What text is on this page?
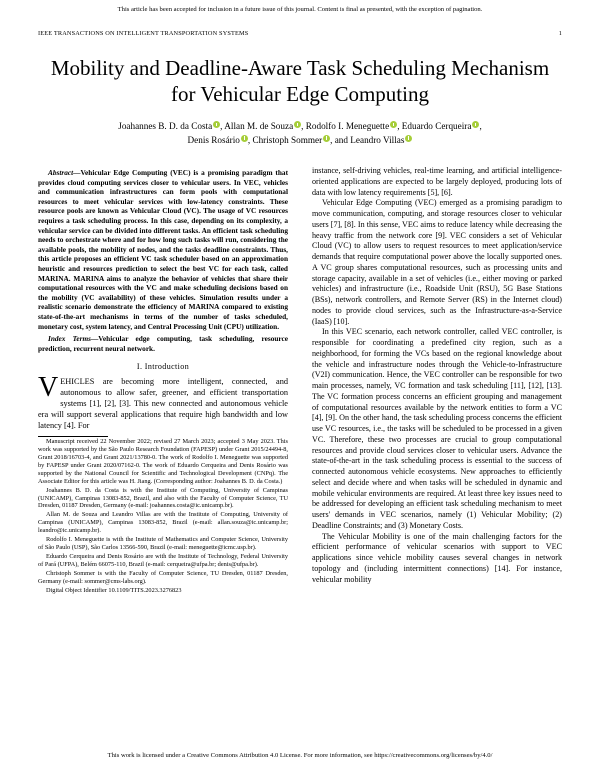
This article has been accepted for inclusion in a future issue of this journal. Content is final as presented, with the exception of pagination.
IEEE TRANSACTIONS ON INTELLIGENT TRANSPORTATION SYSTEMS	1
Mobility and Deadline-Aware Task Scheduling Mechanism for Vehicular Edge Computing
Joahannes B. D. da Costa , Allan M. de Souza , Rodolfo I. Meneguette , Eduardo Cerqueira ,
Denis Rosário , Christoph Sommer , and Leandro Villas

Abstract—Vehicular Edge Computing (VEC) is a promising paradigm that provides cloud computing services closer to vehicular users. In VEC, vehicles and communication infrastructures can form pools with computational resources to meet vehicular services with low-latency constraints. These resource pools are known as Vehicular Cloud (VC). The usage of VC resources requires a task scheduling process. In this case, depending on its complexity, a vehicular service can be divided into different tasks. An efficient task scheduling needs to orchestrate where and for how long such tasks will run, considering the available pools, the mobility of nodes, and the tasks deadline constraints. Thus, this article proposes an efficient VC task scheduler based on an approximation heuristic and resources prediction to select the best VC for each task, called MARINA. MARINA aims to analyze the behavior of vehicles that share their computational resources with the VC and make scheduling decisions based on the mobility (VC availability) of these vehicles. Simulation results under a realistic scenario demonstrate the efficiency of MARINA compared to existing state-of-the-art mechanisms in terms of the number of tasks scheduled, monetary cost, system latency, and Central Processing Unit (CPU) utilization.

Index Terms—Vehicular edge computing, task scheduling, resource prediction, recurrent neural network.

I. Introduction

VEHICLES are becoming more intelligent, connected, and autonomous to allow safer, greener, and efficient transportation systems [1], [2], [3]. This new connected and autonomous vehicle era will support several applications that require high bandwidth and low latency [4]. For

Manuscript received 22 November 2022; revised 27 March 2023; accepted 3 May 2023. This work was supported by the São Paulo Research Foundation (FAPESP) under Grant 2015/24494-8, Grant 2018/16703-4, and Grant 2021/13780-0. The work of Rodolfo I. Meneguette was supported by FAPESP under Grant 2020/07162-0. The work of Eduardo Cerqueira and Denis Rosário was supported by the National Council for Scientific and Technological Development (CNPq). The Associate Editor for this article was H. Jiang. (Corresponding author: Joahannes B. D. da Costa.)

Joahannes B. D. da Costa is with the Institute of Computing, University of Campinas (UNICAMP), Campinas 13083-852, Brazil, and also with the Faculty of Computer Science, TU Dresden, 01187 Dresden, Germany (e-mail: joahannes.costa@ic.unicamp.br).

Allan M. de Souza and Leandro Villas are with the Institute of Computing, University of Campinas (UNICAMP), Campinas 13083-852, Brazil (e-mail: allan.souza@ic.unicamp.br; leandro@ic.unicamp.br).

Rodolfo I. Meneguette is with the Institute of Mathematics and Computer Science, University of São Paulo (USP), São Carlos 13566-590, Brazil (e-mail: meneguette@icmc.usp.br).

Eduardo Cerqueira and Denis Rosário are with the Institute of Technology, Federal University of Pará (UFPA), Belém 66075-110, Brazil (e-mail: cerqueira@ufpa.br; denis@ufpa.br).

Christoph Sommer is with the Faculty of Computer Science, TU Dresden, 01187 Dresden, Germany (e-mail: sommer@cms-labs.org).

Digital Object Identifier 10.1109/TITS.2023.3276823

instance, self-driving vehicles, real-time learning, and artificial intelligence-oriented applications are expected to be largely deployed, producing lots of data with low latency requirements [5], [6].

Vehicular Edge Computing (VEC) emerged as a promising paradigm to move communication, computing, and storage resources closer to vehicular users [7], [8]. In this sense, VEC aims to reduce latency while decreasing the heavy traffic from the network core [9]. VEC considers a set of Vehicular Cloud (VC) to allow users to request resources to meet application/service demands that require computational power above the locally supported ones. A VC group shares computational resources, such as processing units and storage capacity, available in a set of vehicles (i.e., either moving or parked vehicles) and infrastructure (i.e., Roadside Unit (RSU), 5G Base Stations (BSs), network controllers, and Remote Server (RS) in the Internet cloud) nodes to provide cloud services, such as the Infrastructure-as-a-Service (IaaS) [10].

In this VEC scenario, each network controller, called VEC controller, is responsible for coordinating a predefined city region, such as a neighborhood, for forming the VCs based on the regional knowledge about the vehicle and infrastructure nodes through the Vehicle-to-Infrastructure (V2I) communication. Hence, the VEC controller can be responsible for two main processes, namely, VC formation and task scheduling [11], [12], [13]. The VC formation process concerns an efficient grouping and management of computational resources available by the network entities to form a VC [4], [9]. On the other hand, the task scheduling process concerns the efficient use VC resources, i.e., the tasks will be scheduled to be processed in a given VC. Therefore, these two processes are crucial to group computational resources and provide cloud services closer to vehicular users. Advance the state-of-the-art in the task scheduling process is essential to the success of connected autonomous vehicle ecosystems. New approaches to efficiently select and decide where and when tasks will be scheduled in dynamic and mobile vehicular environments are required. At least three key issues need to be addressed for developing an efficient task scheduling mechanism to meet users' demands in VEC scenarios, namely (1) Vehicular Mobility; (2) Deadline Constraints; and (3) Monetary Costs.

The Vehicular Mobility is one of the main challenging factors for the efficient performance of vehicular scenarios with support to VEC applications since vehicle mobility causes several changes in network topology and (including intermittent connections) [14]. For instance, vehicular mobility

This work is licensed under a Creative Commons Attribution 4.0 License. For more information, see https://creativecommons.org/licenses/by/4.0/
